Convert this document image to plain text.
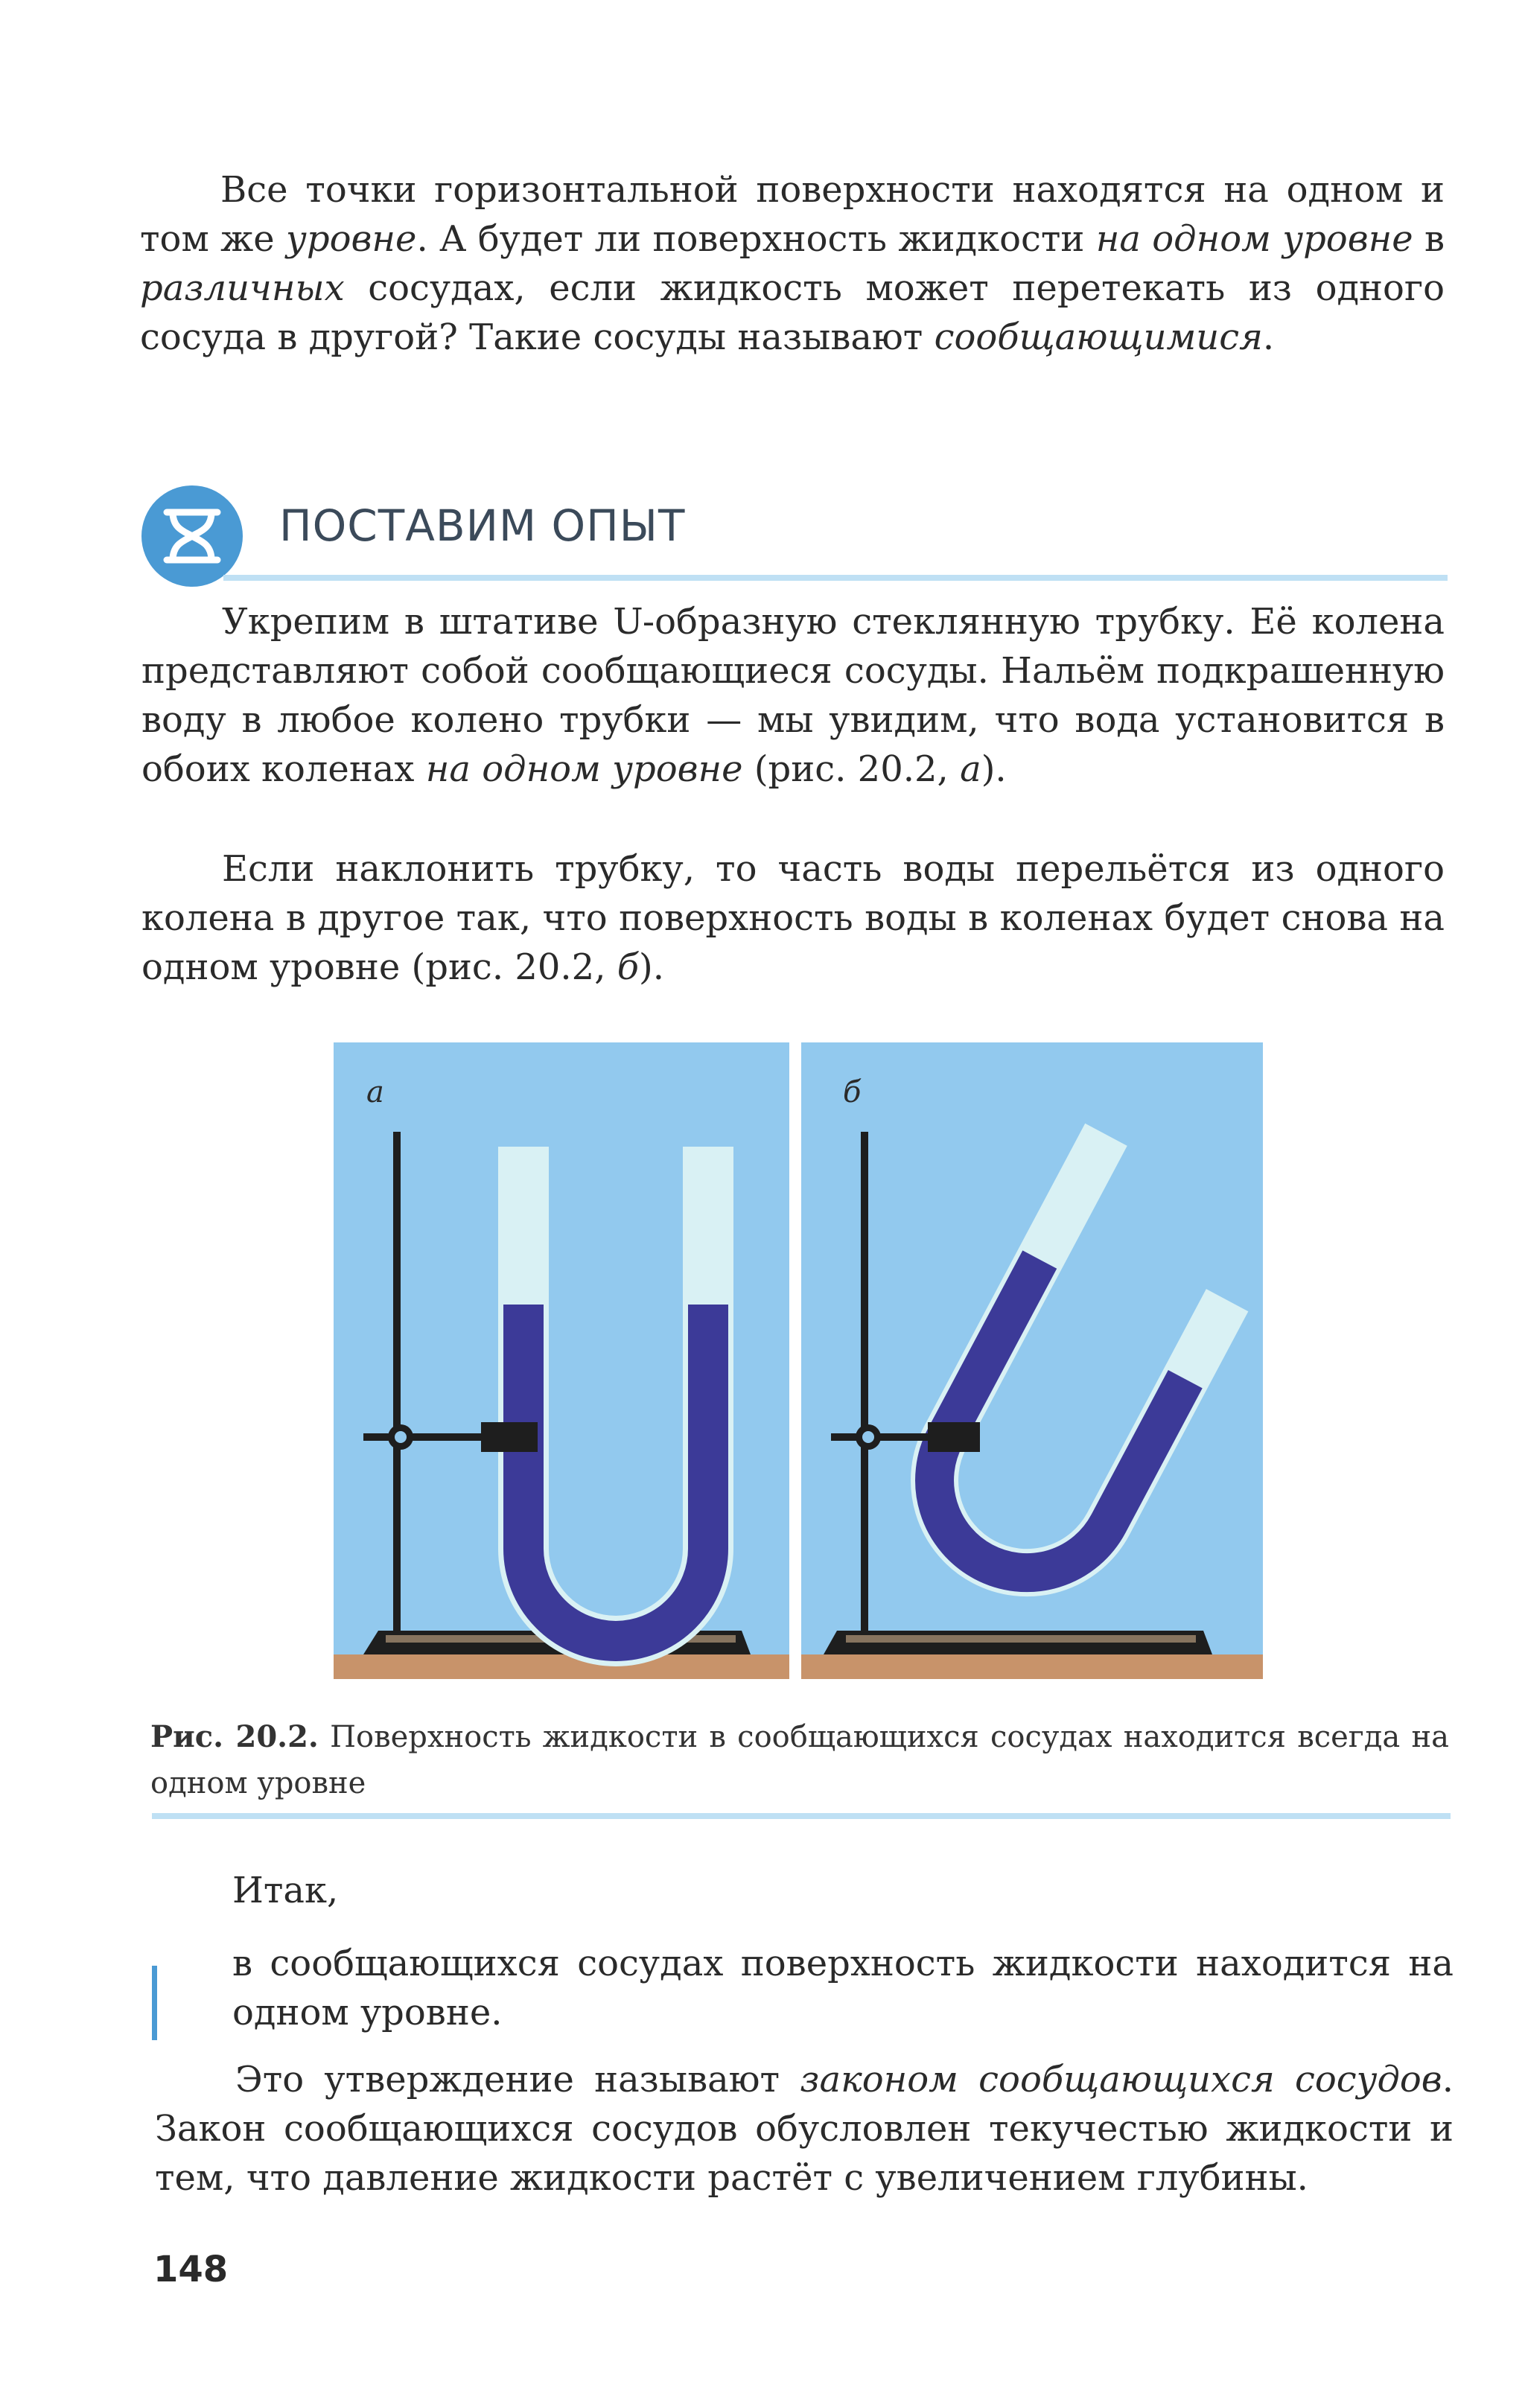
Все точки горизонтальной поверхности находятся на одном и том же уровне. А будет ли поверхность жидкости на одном уровне в различных сосудах, если жидкость может перетекать из одного сосуда в другой? Такие сосуды называют сообщающимися.

ПОСТАВИМ ОПЫТ

Укрепим в штативе U-образную стеклянную трубку. Её колена представляют собой сообщающиеся сосуды. Нальём подкрашенную воду в любое колено трубки — мы увидим, что вода установится в обоих коленах на одном уровне (рис. 20.2, а).

Если наклонить трубку, то часть воды перельётся из одного колена в другое так, что поверхность воды в коленах будет снова на одном уровне (рис. 20.2, б).

а	б

Рис. 20.2. Поверхность жидкости в сообщающихся сосудах находится всегда на одном уровне

Итак,

в сообщающихся сосудах поверхность жидкости находится на одном уровне.

Это утверждение называют законом сообщающихся сосудов. Закон сообщающихся сосудов обусловлен текучестью жидкости и тем, что давление жидкости растёт с увеличением глубины.

148
